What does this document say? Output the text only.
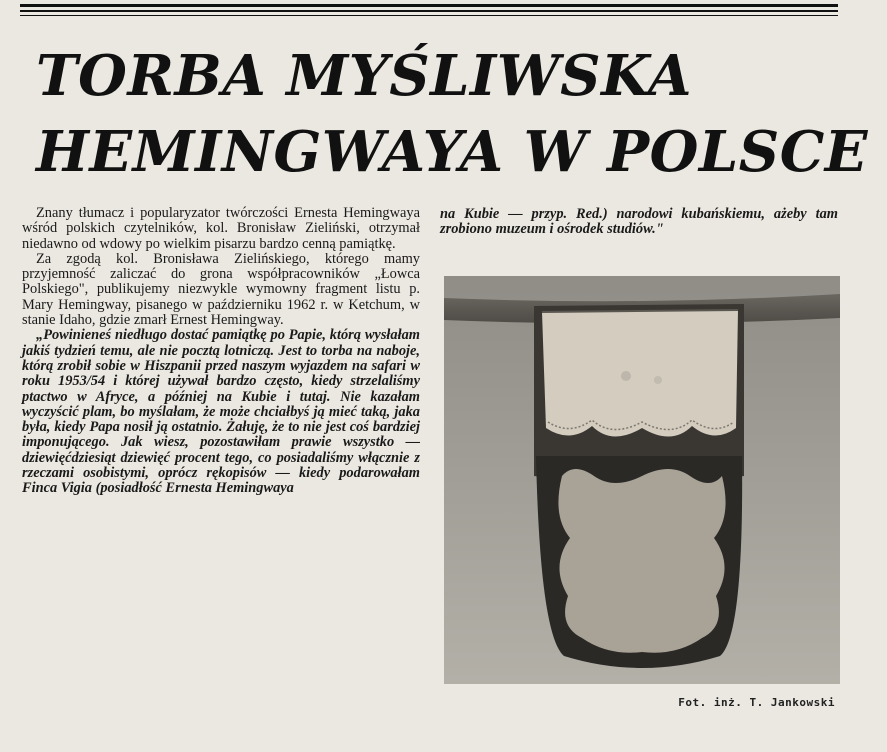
TORBA MYŚLIWSKA
HEMINGWAYA W POLSCE

Znany tłumacz i popularyzator twórczości Ernesta Hemingwaya wśród polskich czytelników, kol. Bronisław Zieliński, otrzymał niedawno od wdowy po wielkim pisarzu bardzo cenną pamiątkę.

Za zgodą kol. Bronisława Zielińskiego, którego mamy przyjemność zaliczać do grona współpracowników „Łowca Polskiego", publikujemy niezwykle wymowny fragment listu p. Mary Hemingway, pisanego w październiku 1962 r. w Ketchum, w stanie Idaho, gdzie zmarł Ernest Hemingway.

„Powinieneś niedługo dostać pamiątkę po Papie, którą wysłałam jakiś tydzień temu, ale nie pocztą lotniczą. Jest to torba na naboje, którą zrobił sobie w Hiszpanii przed naszym wyjazdem na safari w roku 1953/54 i której używał bardzo często, kiedy strzelaliśmy ptactwo w Afryce, a później na Kubie i tutaj. Nie kazałam wyczyścić plam, bo myślałam, że może chciałbyś ją mieć taką, jaka była, kiedy Papa nosił ją ostatnio. Żałuję, że to nie jest coś bardziej imponującego. Jak wiesz, pozostawiłam prawie wszystko — dziewięćdziesiąt dziewięć procent tego, co posiadaliśmy włącznie z rzeczami osobistymi, oprócz rękopisów — kiedy podarowałam Finca Vigia (posiadłość Ernesta Hemingwaya

na Kubie — przyp. Red.) narodowi kubańskiemu, ażeby tam zrobiono muzeum i ośrodek studiów."

Fot. inż. T. Jankowski
